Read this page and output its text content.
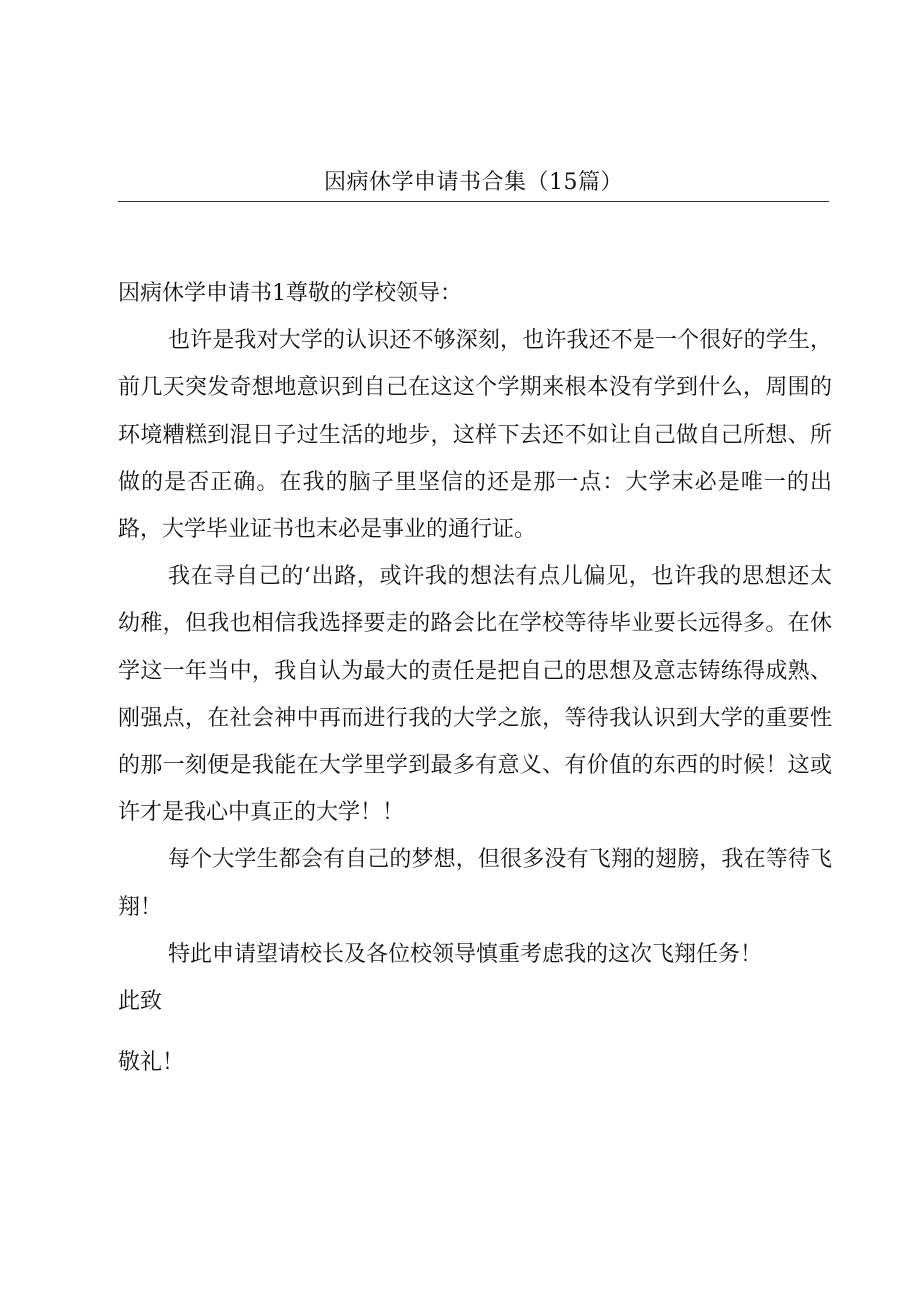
因病休学申请书合集（15篇）

因病休学申请书1尊敬的学校领导：

也许是我对大学的认识还不够深刻，也许我还不是一个很好的学生，前几天突发奇想地意识到自己在这这个学期来根本没有学到什么，周围的环境糟糕到混日子过生活的地步，这样下去还不如让自己做自己所想、所做的是否正确。在我的脑子里坚信的还是那一点：大学末必是唯一的出路，大学毕业证书也末必是事业的通行证。

我在寻自己的‘出路，或许我的想法有点儿偏见，也许我的思想还太幼稚，但我也相信我选择要走的路会比在学校等待毕业要长远得多。在休学这一年当中，我自认为最大的责任是把自己的思想及意志铸练得成熟、刚强点，在社会神中再而进行我的大学之旅，等待我认识到大学的重要性的那一刻便是我能在大学里学到最多有意义、有价值的东西的时候！这或许才是我心中真正的大学！！

每个大学生都会有自己的梦想，但很多没有飞翔的翅膀，我在等待飞翔！

特此申请望请校长及各位校领导慎重考虑我的这次飞翔任务！

此致

敬礼！
